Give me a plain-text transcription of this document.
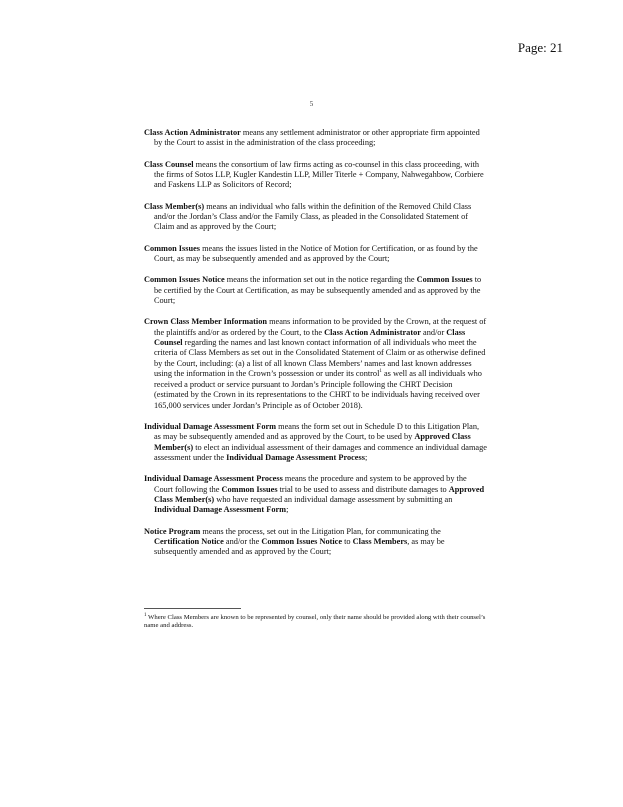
Page: 21
5

Class Action Administrator means any settlement administrator or other appropriate firm appointed by the Court to assist in the administration of the class proceeding;

Class Counsel means the consortium of law firms acting as co-counsel in this class proceeding, with the firms of Sotos LLP, Kugler Kandestin LLP, Miller Titerle + Company, Nahwegahbow, Corbiere and Faskens LLP as Solicitors of Record;

Class Member(s) means an individual who falls within the definition of the Removed Child Class and/or the Jordan’s Class and/or the Family Class, as pleaded in the Consolidated Statement of Claim and as approved by the Court;

Common Issues means the issues listed in the Notice of Motion for Certification, or as found by the Court, as may be subsequently amended and as approved by the Court;

Common Issues Notice means the information set out in the notice regarding the Common Issues to be certified by the Court at Certification, as may be subsequently amended and as approved by the Court;

Crown Class Member Information means information to be provided by the Crown, at the request of the plaintiffs and/or as ordered by the Court, to the Class Action Administrator and/or Class Counsel regarding the names and last known contact information of all individuals who meet the criteria of Class Members as set out in the Consolidated Statement of Claim or as otherwise defined by the Court, including: (a) a list of all known Class Members’ names and last known addresses using the information in the Crown’s possession or under its control$^1$ as well as all individuals who received a product or service pursuant to Jordan’s Principle following the CHRT Decision (estimated by the Crown in its representations to the CHRT to be individuals having received over 165,000 services under Jordan’s Principle as of October 2018).

Individual Damage Assessment Form means the form set out in Schedule D to this Litigation Plan, as may be subsequently amended and as approved by the Court, to be used by Approved Class Member(s) to elect an individual assessment of their damages and commence an individual damage assessment under the Individual Damage Assessment Process;

Individual Damage Assessment Process means the procedure and system to be approved by the Court following the Common Issues trial to be used to assess and distribute damages to Approved Class Member(s) who have requested an individual damage assessment by submitting an Individual Damage Assessment Form;

Notice Program means the process, set out in the Litigation Plan, for communicating the Certification Notice and/or the Common Issues Notice to Class Members, as may be subsequently amended and as approved by the Court;

$^1$ Where Class Members are known to be represented by counsel, only their name should be provided along with their counsel’s name and address.
